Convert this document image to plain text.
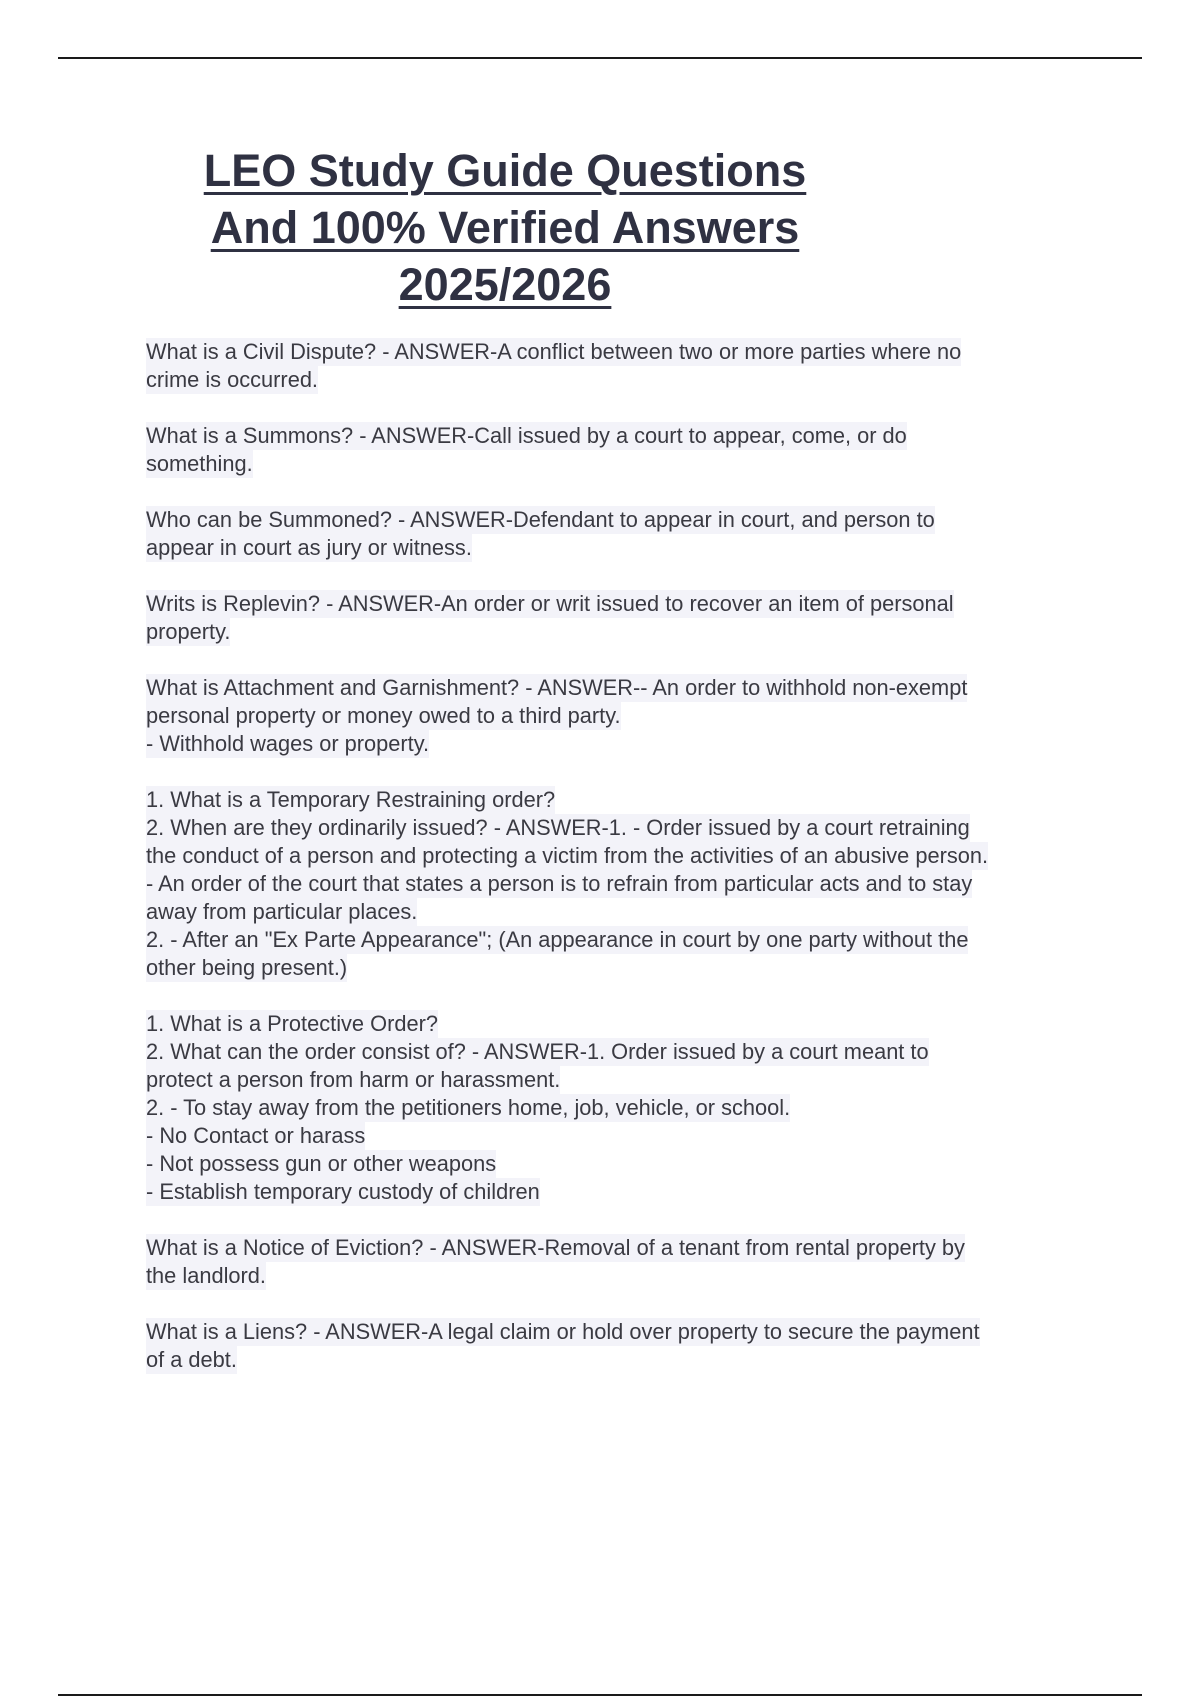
LEO Study Guide Questions
And 100% Verified Answers
2025/2026
What is a Civil Dispute? - ANSWER-A conflict between two or more parties where no
crime is occurred.
What is a Summons? - ANSWER-Call issued by a court to appear, come, or do
something.
Who can be Summoned? - ANSWER-Defendant to appear in court, and person to
appear in court as jury or witness.
Writs is Replevin? - ANSWER-An order or writ issued to recover an item of personal
property.
What is Attachment and Garnishment? - ANSWER-- An order to withhold non-exempt
personal property or money owed to a third party.
- Withhold wages or property.
1. What is a Temporary Restraining order?
2. When are they ordinarily issued? - ANSWER-1. - Order issued by a court retraining
the conduct of a person and protecting a victim from the activities of an abusive person.
- An order of the court that states a person is to refrain from particular acts and to stay
away from particular places.
2. - After an "Ex Parte Appearance"; (An appearance in court by one party without the
other being present.)
1. What is a Protective Order?
2. What can the order consist of? - ANSWER-1. Order issued by a court meant to
protect a person from harm or harassment.
2. - To stay away from the petitioners home, job, vehicle, or school.
- No Contact or harass
- Not possess gun or other weapons
- Establish temporary custody of children
What is a Notice of Eviction? - ANSWER-Removal of a tenant from rental property by
the landlord.
What is a Liens? - ANSWER-A legal claim or hold over property to secure the payment
of a debt.
